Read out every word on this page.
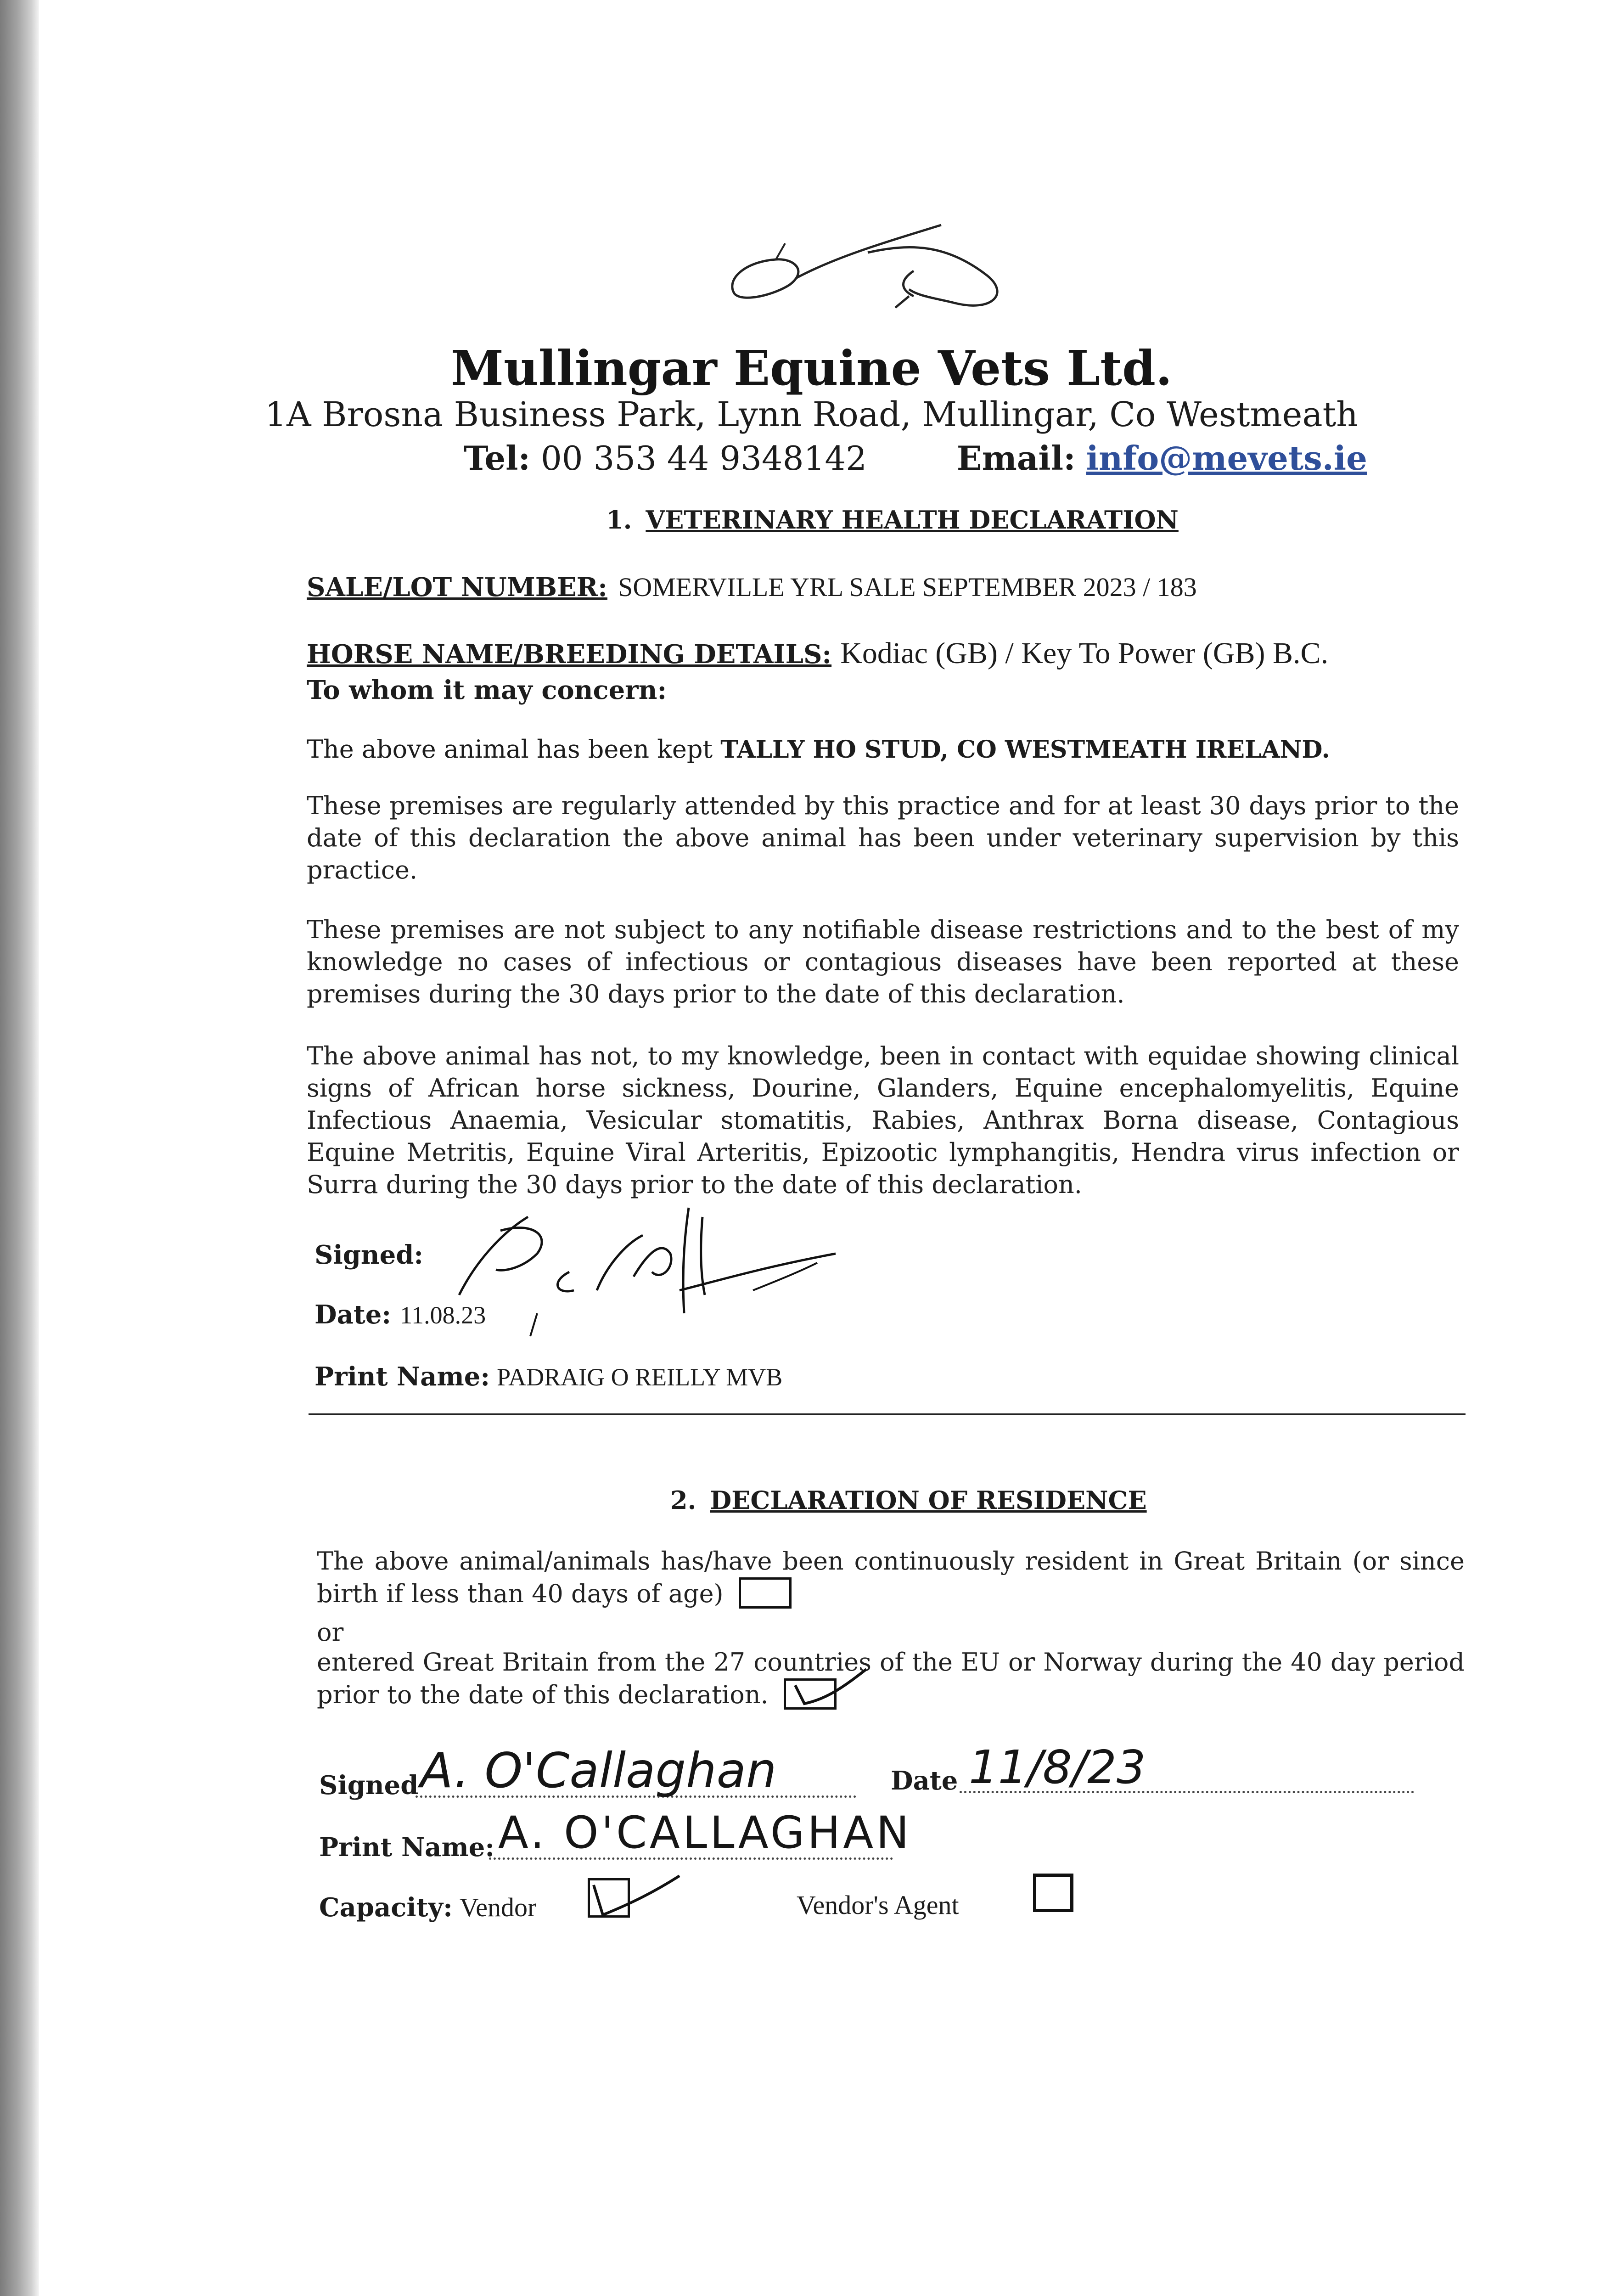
Mullingar Equine Vets Ltd.
1A Brosna Business Park, Lynn Road, Mullingar, Co Westmeath
Tel: 00 353 44 9348142	Email: info@mevets.ie
1. VETERINARY HEALTH DECLARATION
SALE/LOT NUMBER: SOMERVILLE YRL SALE SEPTEMBER 2023 / 183
HORSE NAME/BREEDING DETAILS: Kodiac (GB) / Key To Power (GB) B.C.
To whom it may concern:
The above animal has been kept TALLY HO STUD, CO WESTMEATH IRELAND.
These premises are regularly attended by this practice and for at least 30 days prior to the date of this declaration the above animal has been under veterinary supervision by this practice.
These premises are not subject to any notifiable disease restrictions and to the best of my knowledge no cases of infectious or contagious diseases have been reported at these premises during the 30 days prior to the date of this declaration.
The above animal has not, to my knowledge, been in contact with equidae showing clinical signs of African horse sickness, Dourine, Glanders, Equine encephalomyelitis, Equine Infectious Anaemia, Vesicular stomatitis, Rabies, Anthrax Borna disease, Contagious Equine Metritis, Equine Viral Arteritis, Epizootic lymphangitis, Hendra virus infection or Surra during the 30 days prior to the date of this declaration.
Signed:
Date: 11.08.23
Print Name: PADRAIG O REILLY MVB
2. DECLARATION OF RESIDENCE
The above animal/animals has/have been continuously resident in Great Britain (or since birth if less than 40 days of age)
or
entered Great Britain from the 27 countries of the EU or Norway during the 40 day period prior to the date of this declaration.
Signed A. O'Callaghan	Date 11/8/23
Print Name: A. O'CALLAGHAN
Capacity: Vendor	Vendor's Agent
